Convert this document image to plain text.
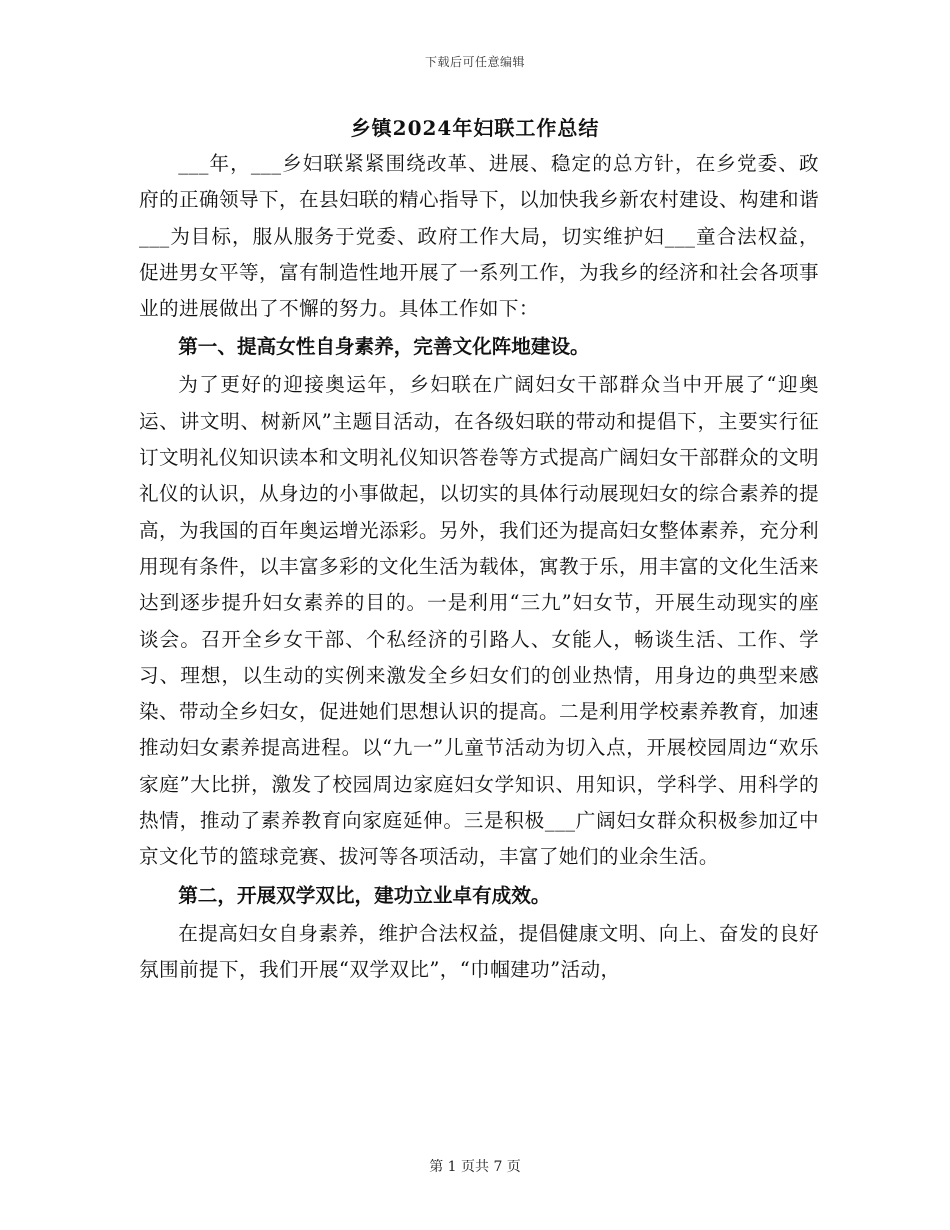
下载后可任意编辑
乡镇2024年妇联工作总结

___年，___乡妇联紧紧围绕改革、进展、稳定的总方针，在乡党委、政府的正确领导下，在县妇联的精心指导下，以加快我乡新农村建设、构建和谐___为目标，服从服务于党委、政府工作大局，切实维护妇___童合法权益，促进男女平等，富有制造性地开展了一系列工作，为我乡的经济和社会各项事业的进展做出了不懈的努力。具体工作如下：

第一、提高女性自身素养，完善文化阵地建设。

为了更好的迎接奥运年，乡妇联在广阔妇女干部群众当中开展了“迎奥运、讲文明、树新风”主题目活动，在各级妇联的带动和提倡下，主要实行征订文明礼仪知识读本和文明礼仪知识答卷等方式提高广阔妇女干部群众的文明礼仪的认识，从身边的小事做起，以切实的具体行动展现妇女的综合素养的提高，为我国的百年奥运增光添彩。另外，我们还为提高妇女整体素养，充分利用现有条件，以丰富多彩的文化生活为载体，寓教于乐，用丰富的文化生活来达到逐步提升妇女素养的目的。一是利用“三九”妇女节，开展生动现实的座谈会。召开全乡女干部、个私经济的引路人、女能人，畅谈生活、工作、学习、理想，以生动的实例来激发全乡妇女们的创业热情，用身边的典型来感染、带动全乡妇女，促进她们思想认识的提高。二是利用学校素养教育，加速推动妇女素养提高进程。以“九一”儿童节活动为切入点，开展校园周边“欢乐家庭”大比拼，激发了校园周边家庭妇女学知识、用知识，学科学、用科学的热情，推动了素养教育向家庭延伸。三是积极___广阔妇女群众积极参加辽中京文化节的篮球竞赛、拔河等各项活动，丰富了她们的业余生活。

第二，开展双学双比，建功立业卓有成效。

在提高妇女自身素养，维护合法权益，提倡健康文明、向上、奋发的良好氛围前提下，我们开展“双学双比”，“巾帼建功”活动，

第 1 页共 7 页
